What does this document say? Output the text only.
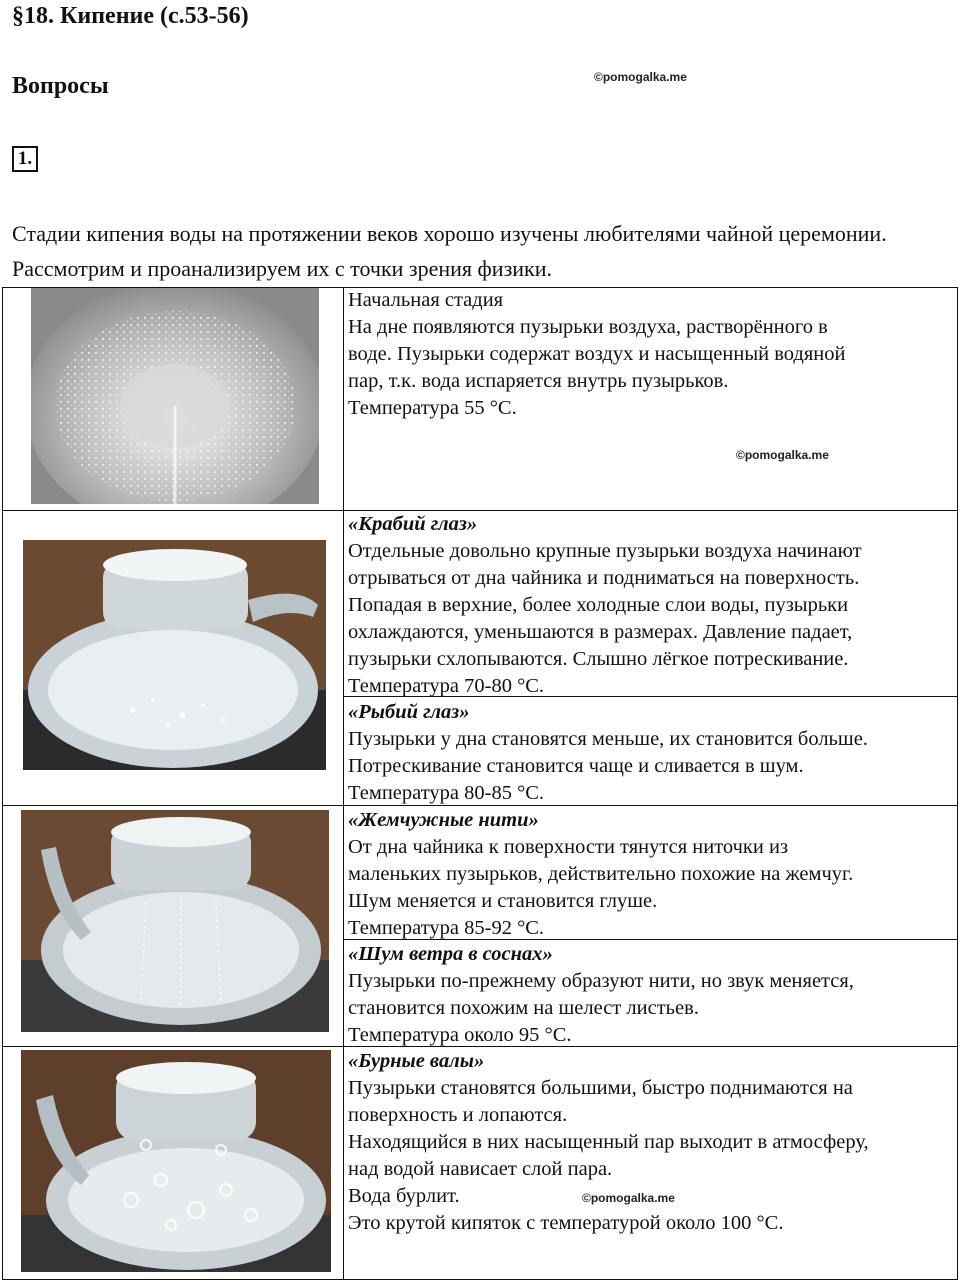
§18. Кипение (с.53-56)
Вопросы	©pomogalka.me
1.
Стадии кипения воды на протяжении веков хорошо изучены любителями чайной церемонии. Рассмотрим и проанализируем их с точки зрения физики.
©pomogalka.me
©pomogalka.me
Начальная стадия
На дне появляются пузырьки воздуха, растворённого в
воде. Пузырьки содержат воздух и насыщенный водяной
пар, т.к. вода испаряется внутрь пузырьков.
Температура 55 °С.
«Крабий глаз»
Отдельные довольно крупные пузырьки воздуха начинают
отрываться от дна чайника и подниматься на поверхность.
Попадая в верхние, более холодные слои воды, пузырьки
охлаждаются, уменьшаются в размерах. Давление падает,
пузырьки схлопываются. Слышно лёгкое потрескивание.
Температура 70-80 °С.
«Рыбий глаз»
Пузырьки у дна становятся меньше, их становится больше.
Потрескивание становится чаще и сливается в шум.
Температура 80-85 °С.
«Жемчужные нити»
От дна чайника к поверхности тянутся ниточки из
маленьких пузырьков, действительно похожие на жемчуг.
Шум меняется и становится глуше.
Температура 85-92 °С.
«Шум ветра в соснах»
Пузырьки по-прежнему образуют нити, но звук меняется,
становится похожим на шелест листьев.
Температура около 95 °С.
«Бурные валы»
Пузырьки становятся большими, быстро поднимаются на
поверхность и лопаются.
Находящийся в них насыщенный пар выходит в атмосферу,
над водой нависает слой пара.
Вода бурлит.
Это крутой кипяток с температурой около 100 °С.
